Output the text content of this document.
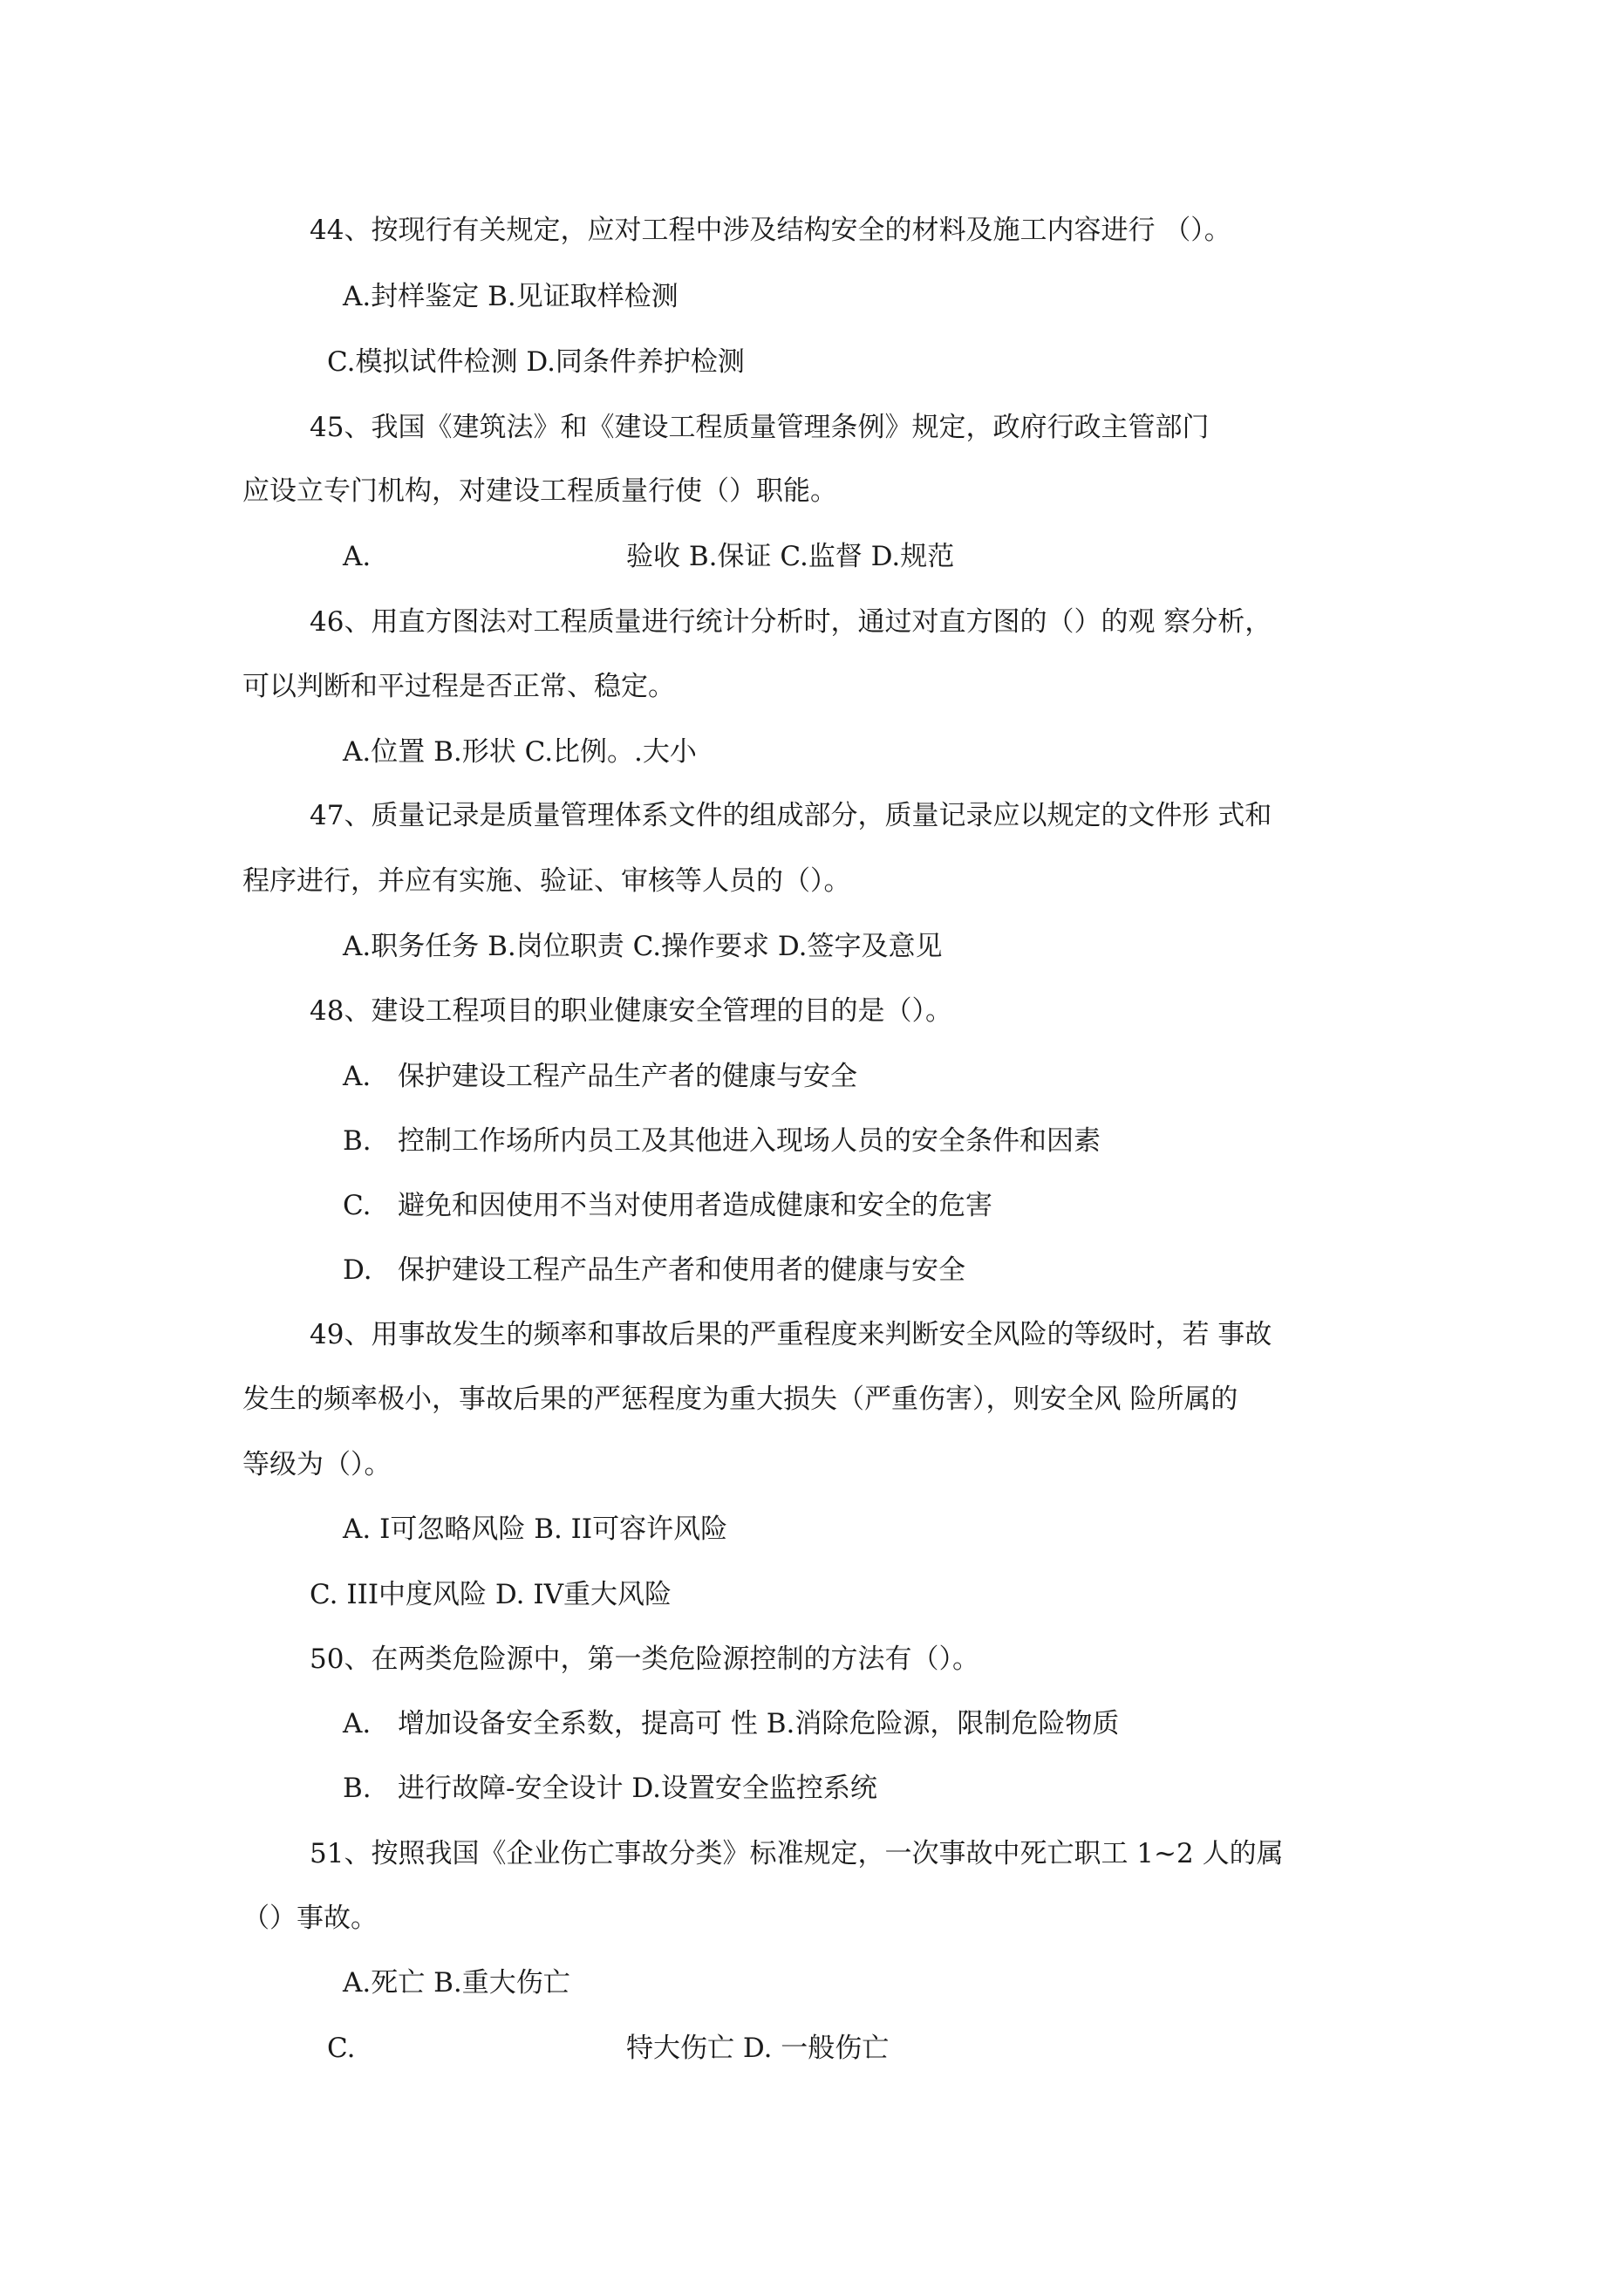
44、按现行有关规定，应对工程中涉及结构安全的材料及施工内容进行 （）。
A.封样鉴定 B.见证取样检测
C.模拟试件检测 D.同条件养护检测
45、我国《建筑法》和《建设工程质量管理条例》规定，政府行政主管部门
应设立专门机构，对建设工程质量行使（）职能。
A.	验收 B.保证 C.监督 D.规范
46、用直方图法对工程质量进行统计分析时，通过对直方图的（）的观 察分析，
可以判断和平过程是否正常、稳定。
A.位置 B.形状 C.比例。.大小
47、质量记录是质量管理体系文件的组成部分，质量记录应以规定的文件形 式和
程序进行，并应有实施、验证、审核等人员的（）。
A.职务任务 B.岗位职责 C.操作要求 D.签字及意见
48、建设工程项目的职业健康安全管理的目的是（）。
A. 保护建设工程产品生产者的健康与安全
B. 控制工作场所内员工及其他进入现场人员的安全条件和因素
C. 避免和因使用不当对使用者造成健康和安全的危害
D. 保护建设工程产品生产者和使用者的健康与安全
49、用事故发生的频率和事故后果的严重程度来判断安全风险的等级时，若 事故
发生的频率极小，事故后果的严惩程度为重大损失（严重伤害），则安全风 险所属的
等级为（）。
A. I可忽略风险 B. II可容许风险
C. III中度风险 D. IV重大风险
50、在两类危险源中，第一类危险源控制的方法有（）。
A. 增加设备安全系数，提高可 性 B.消除危险源，限制危险物质
B. 进行故障-安全设计 D.设置安全监控系统
51、按照我国《企业伤亡事故分类》标准规定，一次事故中死亡职工 1~2 人的属
（）事故。
A.死亡 B.重大伤亡
C.	特大伤亡 D. 一般伤亡
